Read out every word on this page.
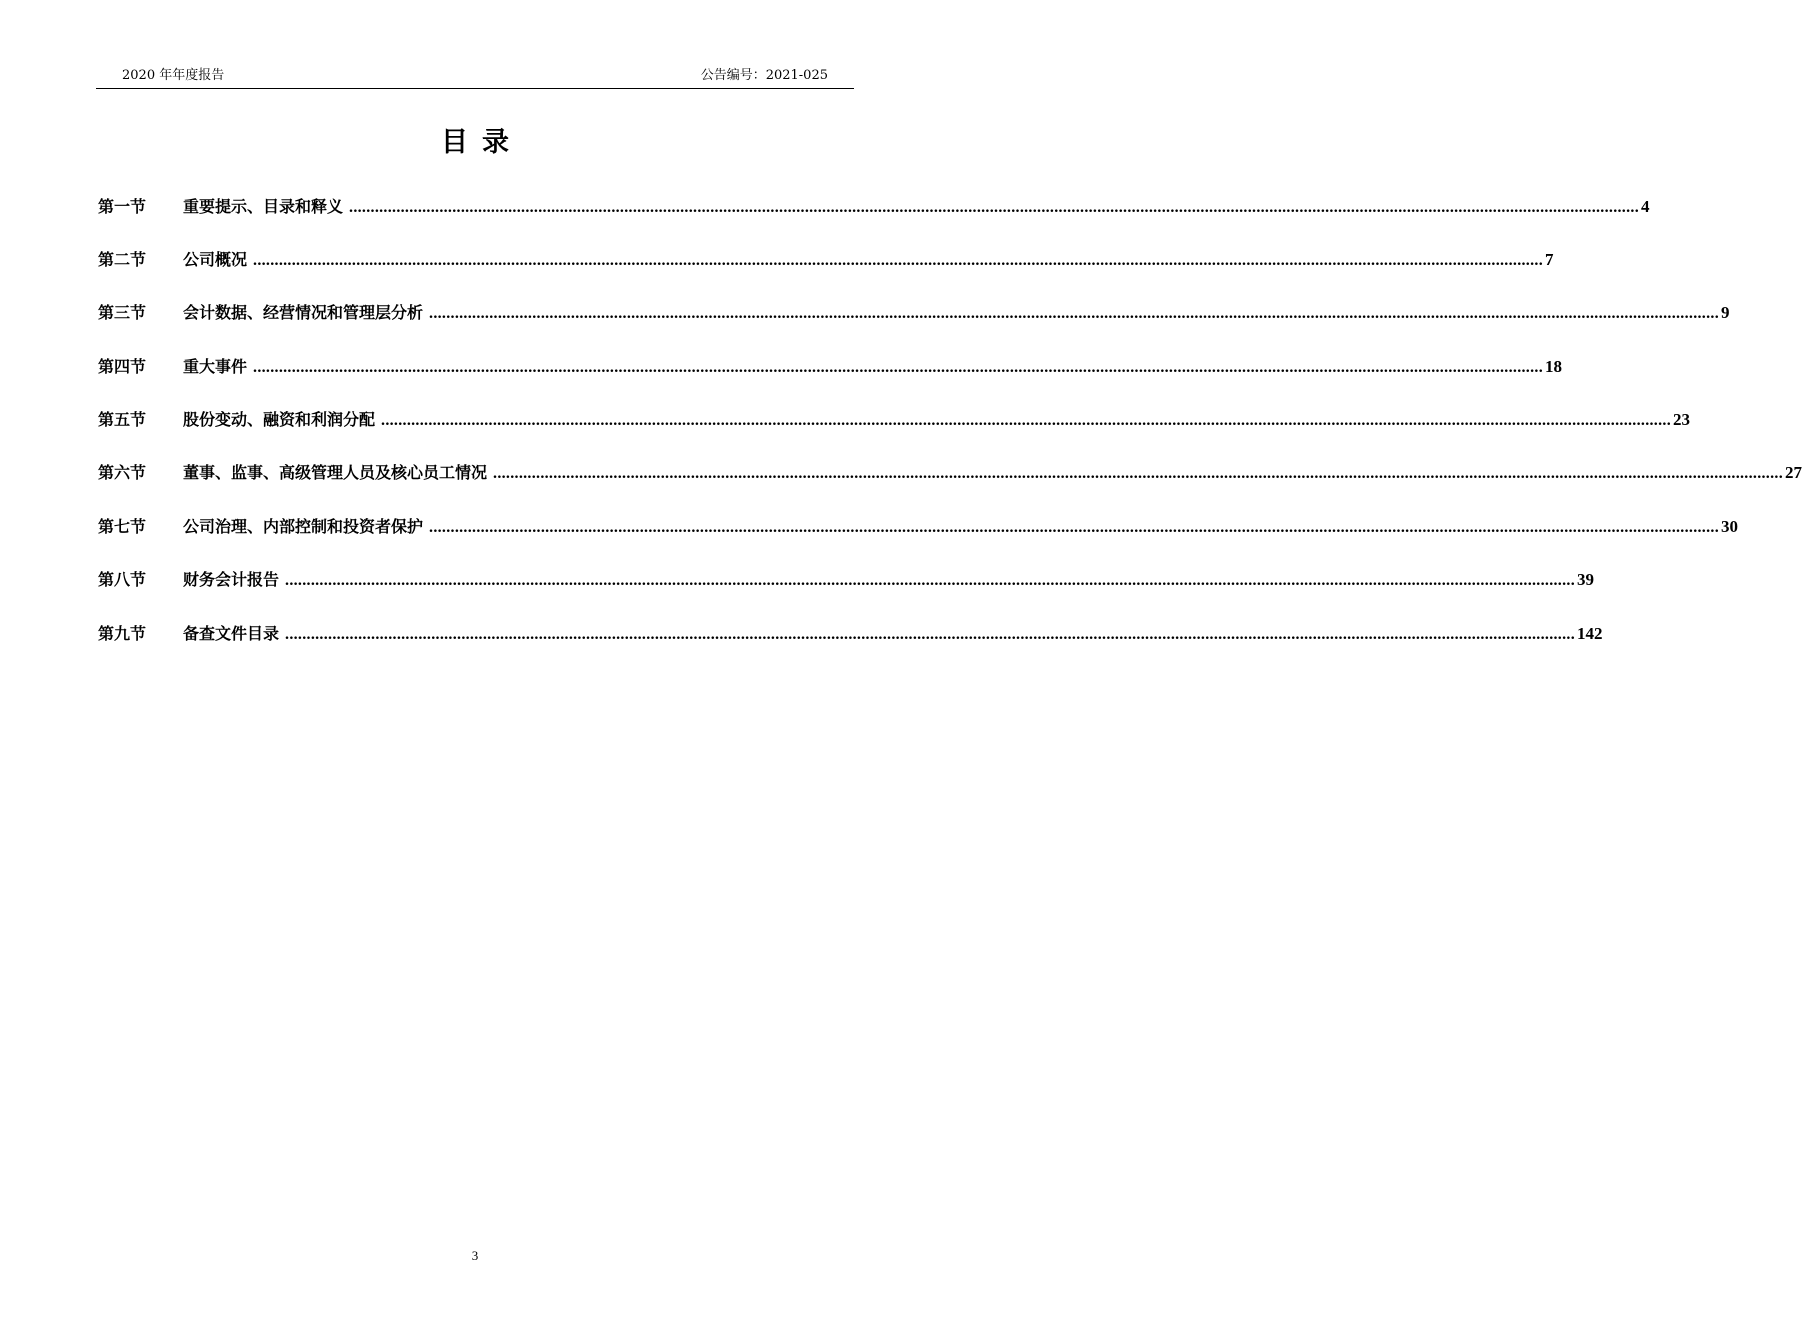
2020 年年度报告	公告编号：2021-025
目录
第一节	重要提示、目录和释义 ............................................................................................................................................................................................................................................................................................................ 4
第二节	公司概况 ............................................................................................................................................................................................................................................................................................................ 7
第三节	会计数据、经营情况和管理层分析 ............................................................................................................................................................................................................................................................................................................ 9
第四节	重大事件 ............................................................................................................................................................................................................................................................................................................ 18
第五节	股份变动、融资和利润分配 ............................................................................................................................................................................................................................................................................................................ 23
第六节	董事、监事、高级管理人员及核心员工情况 ............................................................................................................................................................................................................................................................................................................ 27
第七节	公司治理、内部控制和投资者保护 ............................................................................................................................................................................................................................................................................................................ 30
第八节	财务会计报告 ............................................................................................................................................................................................................................................................................................................ 39
第九节	备查文件目录 ............................................................................................................................................................................................................................................................................................................ 142
3
